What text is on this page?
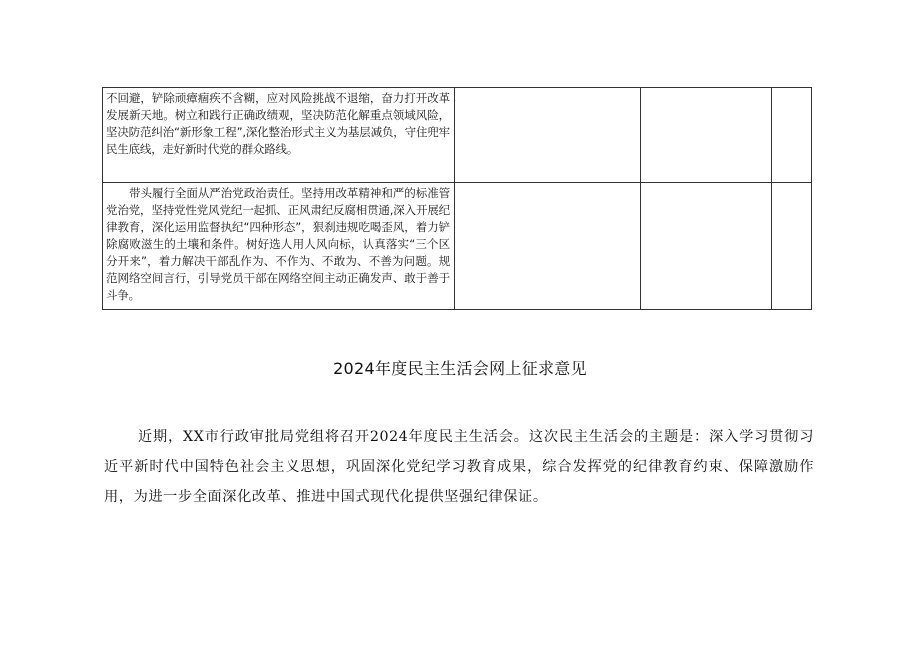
不回避，铲除顽瘴痼疾不含糊，应对风险挑战不退缩，奋力打开改革发展新天地。树立和践行正确政绩观，坚决防范化解重点领域风险，坚决防范纠治“新形象工程”,深化整治形式主义为基层减负，守住兜牢民生底线，走好新时代党的群众路线。			

带头履行全面从严治党政治责任。坚持用改革精神和严的标准管党治党，坚持党性党风党纪一起抓、正风肃纪反腐相贯通,深入开展纪律教育，深化运用监督执纪“四种形态”，狠刹违规吃喝歪风，着力铲除腐败滋生的土壤和条件。树好选人用人风向标，认真落实“三个区分开来”，着力解决干部乱作为、不作为、不敢为、不善为问题。规范网络空间言行，引导党员干部在网络空间主动正确发声、敢于善于斗争。			

2024年度民主生活会网上征求意见
近期，XX市行政审批局党组将召开2024年度民主生活会。这次民主生活会的主题是：深入学习贯彻习近平新时代中国特色社会主义思想，巩固深化党纪学习教育成果，综合发挥党的纪律教育约束、保障激励作用，为进一步全面深化改革、推进中国式现代化提供坚强纪律保证。
